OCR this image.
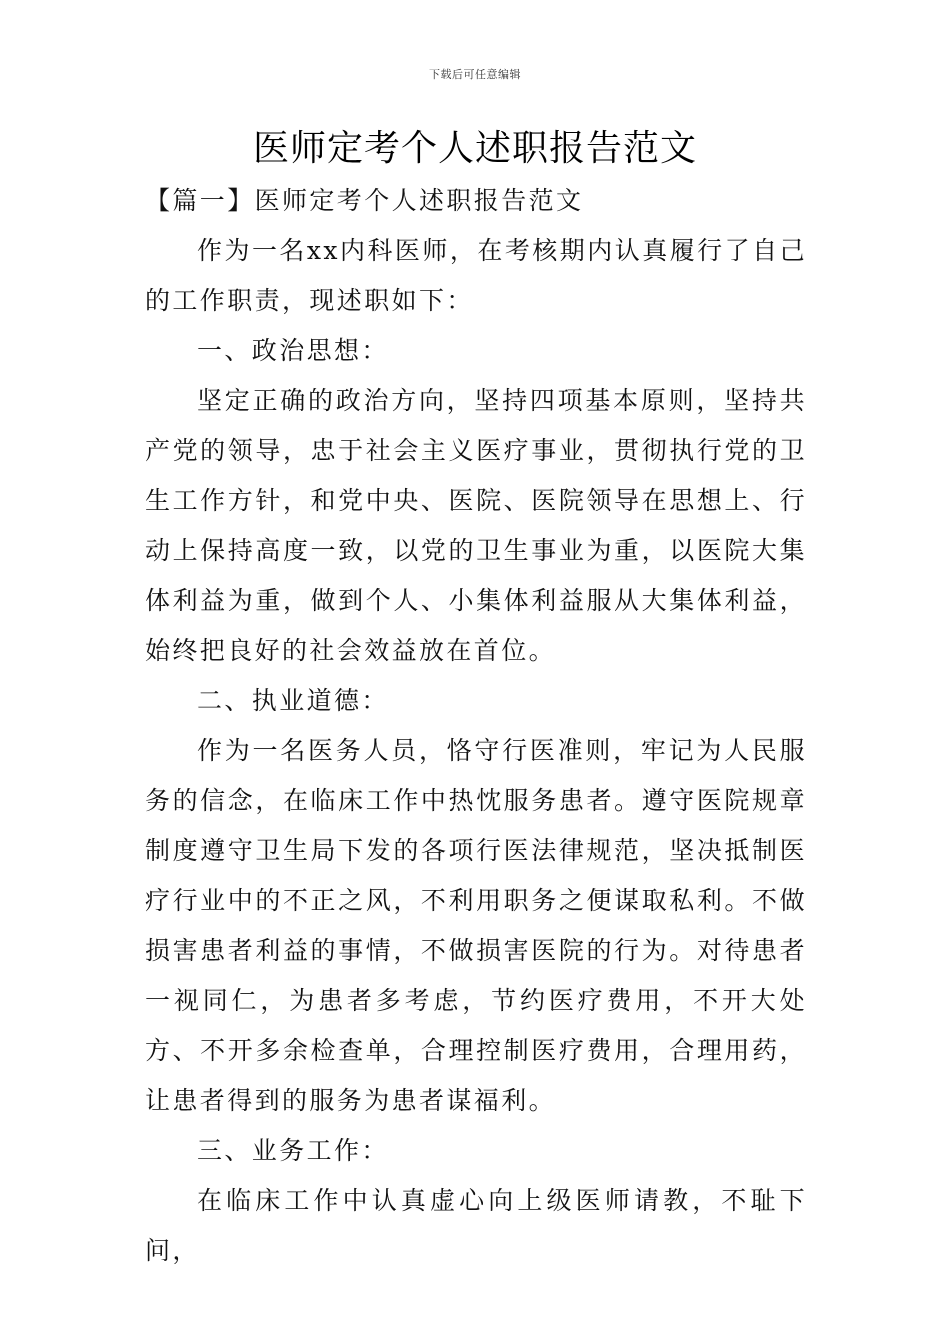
下载后可任意编辑
医师定考个人述职报告范文

【篇一】医师定考个人述职报告范文

作为一名xx内科医师，在考核期内认真履行了自己的工作职责，现述职如下：

一、政治思想：

坚定正确的政治方向，坚持四项基本原则，坚持共产党的领导，忠于社会主义医疗事业，贯彻执行党的卫生工作方针，和党中央、医院、医院领导在思想上、行动上保持高度一致，以党的卫生事业为重，以医院大集体利益为重，做到个人、小集体利益服从大集体利益，始终把良好的社会效益放在首位。

二、执业道德：

作为一名医务人员，恪守行医准则，牢记为人民服务的信念，在临床工作中热忱服务患者。遵守医院规章制度遵守卫生局下发的各项行医法律规范，坚决抵制医疗行业中的不正之风，不利用职务之便谋取私利。不做损害患者利益的事情，不做损害医院的行为。对待患者一视同仁，为患者多考虑，节约医疗费用，不开大处方、不开多余检查单，合理控制医疗费用，合理用药，让患者得到的服务为患者谋福利。

三、业务工作：

在临床工作中认真虚心向上级医师请教，不耻下问，
